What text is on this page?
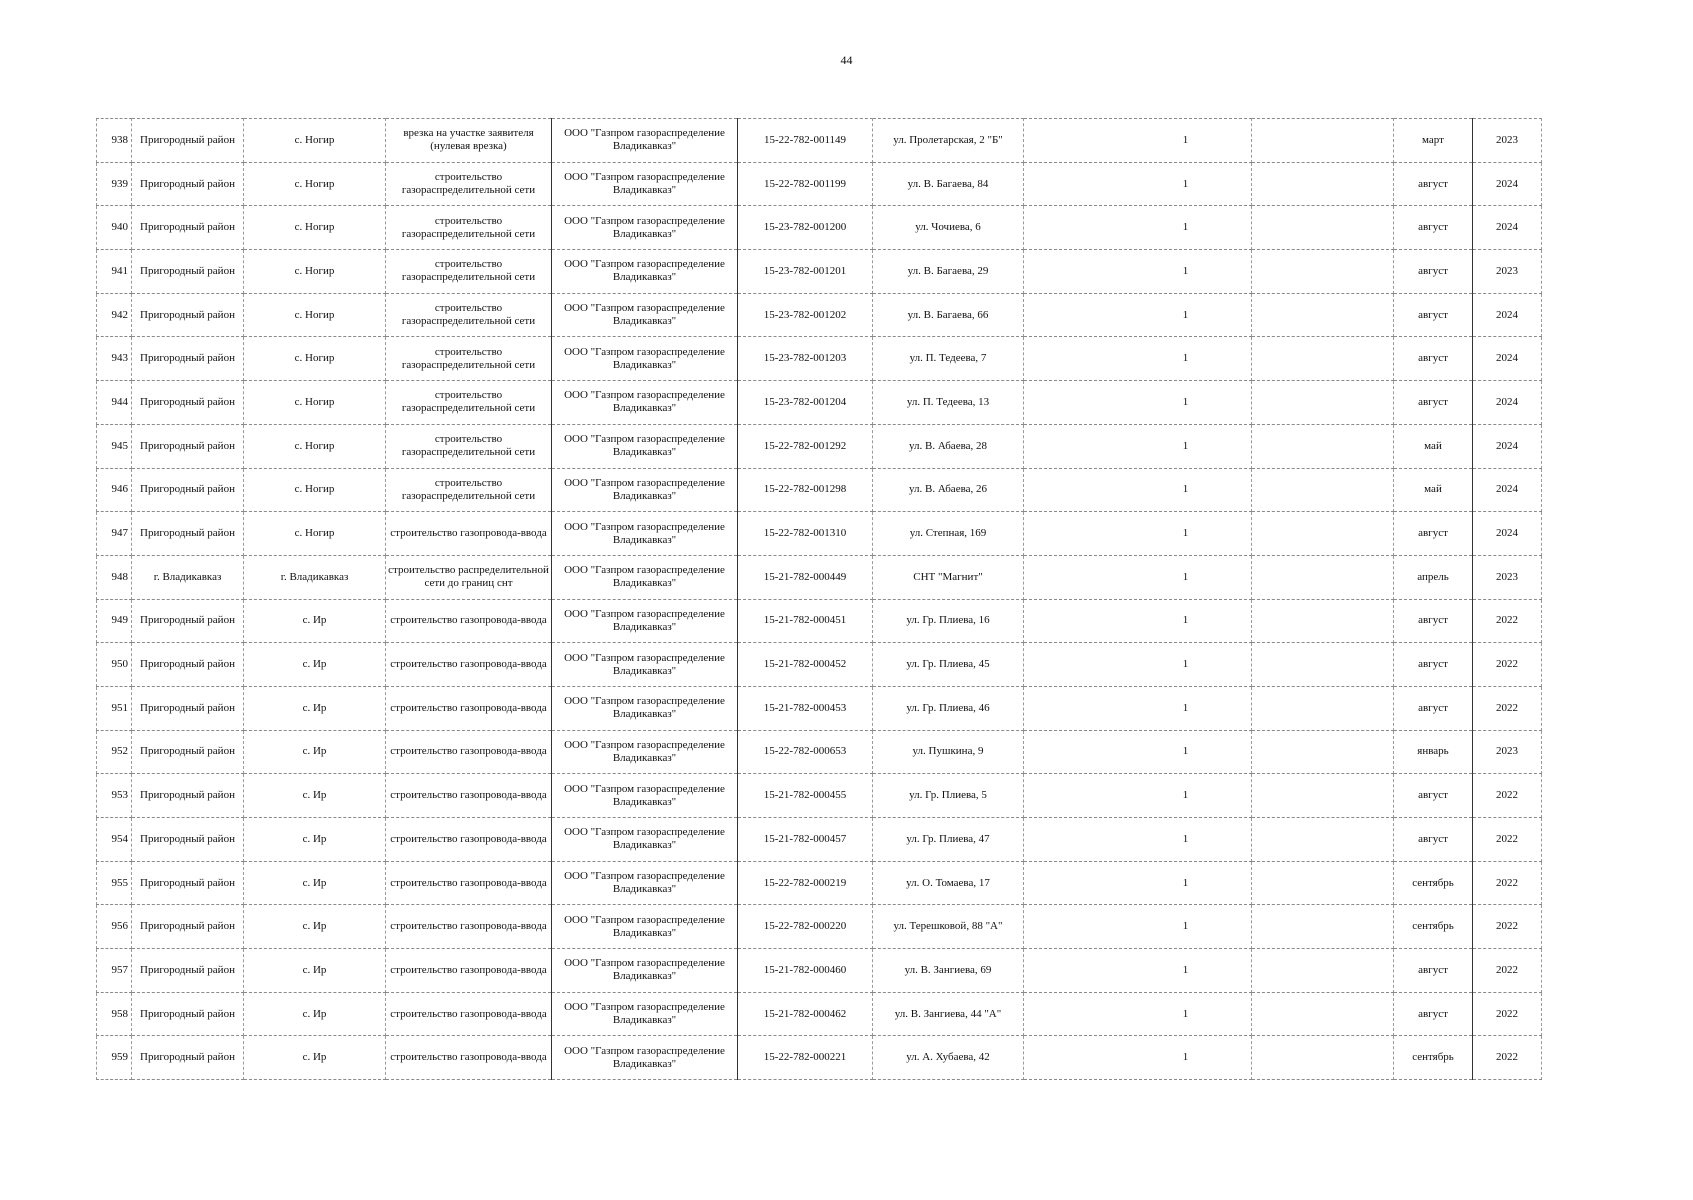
44
938	Пригородный район	с. Ногир	врезка на участке заявителя (нулевая врезка)	ООО "Газпром газораспределение Владикавказ"	15-22-782-001149	ул. Пролетарская, 2 "Б"	1		март	2023
939	Пригородный район	с. Ногир	строительство газораспределительной сети	ООО "Газпром газораспределение Владикавказ"	15-22-782-001199	ул. В. Багаева, 84	1		август	2024
940	Пригородный район	с. Ногир	строительство газораспределительной сети	ООО "Газпром газораспределение Владикавказ"	15-23-782-001200	ул. Чочиева, 6	1		август	2024
941	Пригородный район	с. Ногир	строительство газораспределительной сети	ООО "Газпром газораспределение Владикавказ"	15-23-782-001201	ул. В. Багаева, 29	1		август	2023
942	Пригородный район	с. Ногир	строительство газораспределительной сети	ООО "Газпром газораспределение Владикавказ"	15-23-782-001202	ул. В. Багаева, 66	1		август	2024
943	Пригородный район	с. Ногир	строительство газораспределительной сети	ООО "Газпром газораспределение Владикавказ"	15-23-782-001203	ул. П. Тедеева, 7	1		август	2024
944	Пригородный район	с. Ногир	строительство газораспределительной сети	ООО "Газпром газораспределение Владикавказ"	15-23-782-001204	ул. П. Тедеева, 13	1		август	2024
945	Пригородный район	с. Ногир	строительство газораспределительной сети	ООО "Газпром газораспределение Владикавказ"	15-22-782-001292	ул. В. Абаева, 28	1		май	2024
946	Пригородный район	с. Ногир	строительство газораспределительной сети	ООО "Газпром газораспределение Владикавказ"	15-22-782-001298	ул. В. Абаева, 26	1		май	2024
947	Пригородный район	с. Ногир	строительство газопровода-ввода	ООО "Газпром газораспределение Владикавказ"	15-22-782-001310	ул. Степная, 169	1		август	2024
948	г. Владикавказ	г. Владикавказ	строительство распределительной сети до границ снт	ООО "Газпром газораспределение Владикавказ"	15-21-782-000449	СНТ "Магнит"	1		апрель	2023
949	Пригородный район	с. Ир	строительство газопровода-ввода	ООО "Газпром газораспределение Владикавказ"	15-21-782-000451	ул. Гр. Плиева, 16	1		август	2022
950	Пригородный район	с. Ир	строительство газопровода-ввода	ООО "Газпром газораспределение Владикавказ"	15-21-782-000452	ул. Гр. Плиева, 45	1		август	2022
951	Пригородный район	с. Ир	строительство газопровода-ввода	ООО "Газпром газораспределение Владикавказ"	15-21-782-000453	ул. Гр. Плиева, 46	1		август	2022
952	Пригородный район	с. Ир	строительство газопровода-ввода	ООО "Газпром газораспределение Владикавказ"	15-22-782-000653	ул. Пушкина, 9	1		январь	2023
953	Пригородный район	с. Ир	строительство газопровода-ввода	ООО "Газпром газораспределение Владикавказ"	15-21-782-000455	ул. Гр. Плиева, 5	1		август	2022
954	Пригородный район	с. Ир	строительство газопровода-ввода	ООО "Газпром газораспределение Владикавказ"	15-21-782-000457	ул. Гр. Плиева, 47	1		август	2022
955	Пригородный район	с. Ир	строительство газопровода-ввода	ООО "Газпром газораспределение Владикавказ"	15-22-782-000219	ул. О. Томаева, 17	1		сентябрь	2022
956	Пригородный район	с. Ир	строительство газопровода-ввода	ООО "Газпром газораспределение Владикавказ"	15-22-782-000220	ул. Терешковой, 88 "А"	1		сентябрь	2022
957	Пригородный район	с. Ир	строительство газопровода-ввода	ООО "Газпром газораспределение Владикавказ"	15-21-782-000460	ул. В. Зангиева, 69	1		август	2022
958	Пригородный район	с. Ир	строительство газопровода-ввода	ООО "Газпром газораспределение Владикавказ"	15-21-782-000462	ул. В. Зангиева, 44 "А"	1		август	2022
959	Пригородный район	с. Ир	строительство газопровода-ввода	ООО "Газпром газораспределение Владикавказ"	15-22-782-000221	ул. А. Хубаева, 42	1		сентябрь	2022
